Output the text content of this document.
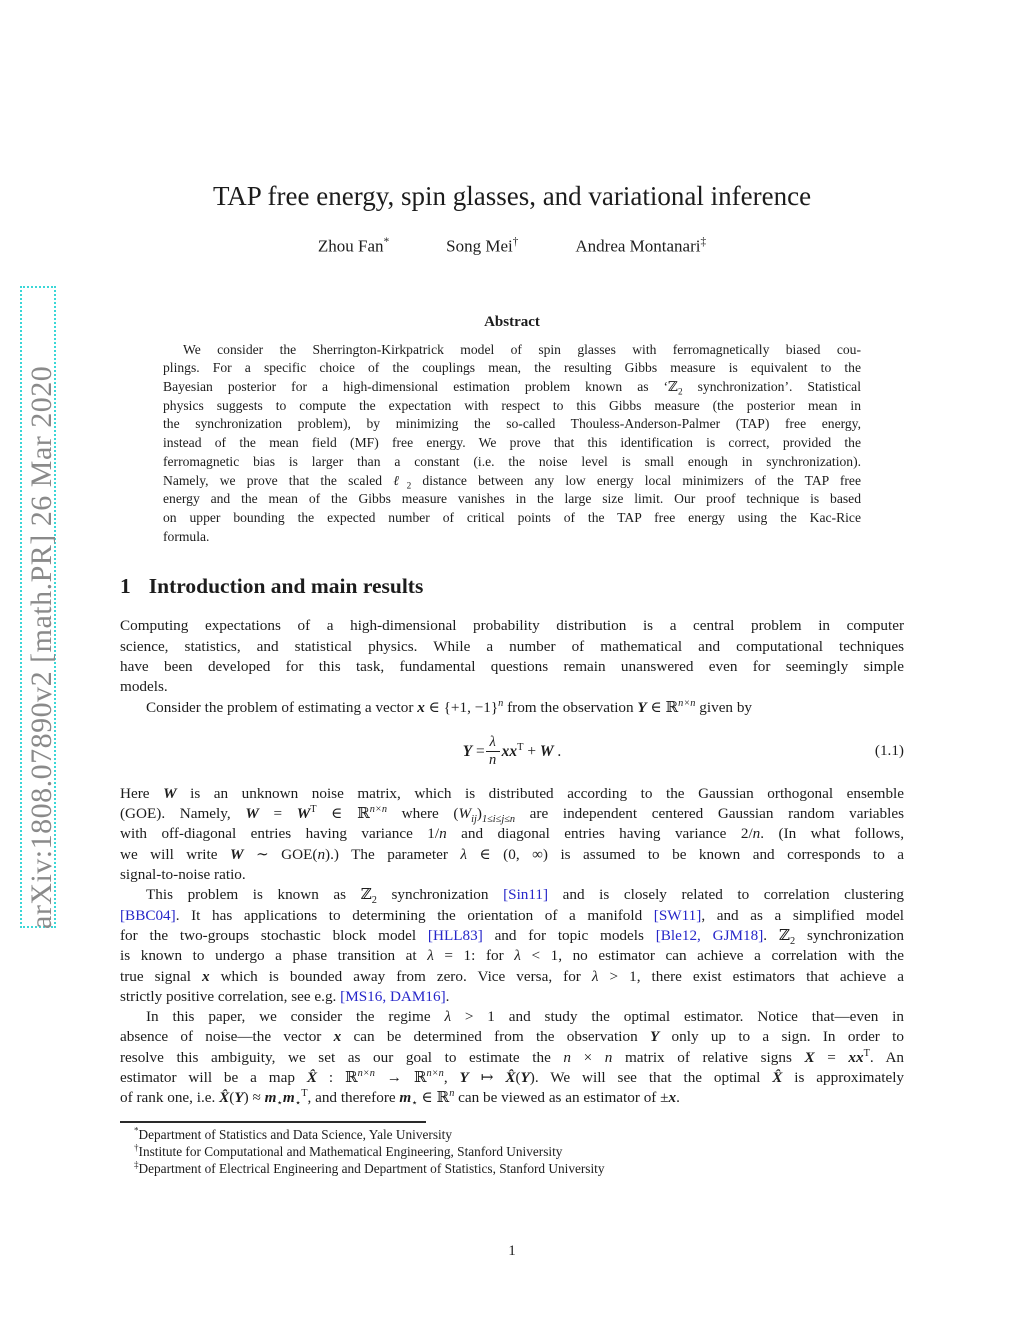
arXiv:1808.07890v2 [math.PR] 26 Mar 2020
TAP free energy, spin glasses, and variational inference
Zhou Fan*	Song Mei†	Andrea Montanari‡
Abstract
We consider the Sherrington-Kirkpatrick model of spin glasses with ferromagnetically biased cou-
plings. For a specific choice of the couplings mean, the resulting Gibbs measure is equivalent to the
Bayesian posterior for a high-dimensional estimation problem known as ‘ℤ$_2$ synchronization’. Statistical
physics suggests to compute the expectation with respect to this Gibbs measure (the posterior mean in
the synchronization problem), by minimizing the so-called Thouless-Anderson-Palmer (TAP) free energy,
instead of the mean field (MF) free energy. We prove that this identification is correct, provided the
ferromagnetic bias is larger than a constant (i.e. the noise level is small enough in synchronization).
Namely, we prove that the scaled ℓ$_2$ distance between any low energy local minimizers of the TAP free
energy and the mean of the Gibbs measure vanishes in the large size limit. Our proof technique is based
on upper bounding the expected number of critical points of the TAP free energy using the Kac-Rice
formula.
1 Introduction and main results
Computing expectations of a high-dimensional probability distribution is a central problem in computer
science, statistics, and statistical physics. While a number of mathematical and computational techniques
have been developed for this task, fundamental questions remain unanswered even for seemingly simple
models.
Consider the problem of estimating a vector x ∈ {+1, −1}$^n$ from the observation Y ∈ ℝ$^{n\times n}$ given by
$Y = \frac{\lambda}{n} xx^T + W$ .	(1.1)
Here W is an unknown noise matrix, which is distributed according to the Gaussian orthogonal ensemble
(GOE). Namely, $W = W^T$ ∈ ℝ$^{n\times n}$ where $(W_{ij})_{1\le i\le j\le n}$ are independent centered Gaussian random variables
with off-diagonal entries having variance 1/n and diagonal entries having variance 2/n. (In what follows,
we will write W ∼ GOE(n).) The parameter λ ∈ (0, ∞) is assumed to be known and corresponds to a
signal-to-noise ratio.
This problem is known as ℤ$_2$ synchronization [Sin11] and is closely related to correlation clustering
[BBC04]. It has applications to determining the orientation of a manifold [SW11], and as a simplified model
for the two-groups stochastic block model [HLL83] and for topic models [Ble12, GJM18]. ℤ$_2$ synchronization
is known to undergo a phase transition at λ = 1: for λ < 1, no estimator can achieve a correlation with the
true signal x which is bounded away from zero. Vice versa, for λ > 1, there exist estimators that achieve a
strictly positive correlation, see e.g. [MS16, DAM16].
In this paper, we consider the regime λ > 1 and study the optimal estimator. Notice that—even in
absence of noise—the vector x can be determined from the observation Y only up to a sign. In order to
resolve this ambiguity, we set as our goal to estimate the n × n matrix of relative signs $X = xx^T$. An
estimator will be a map X̂ : ℝ$^{n\times n}$ → ℝ$^{n\times n}$, Y ↦ X̂(Y). We will see that the optimal X̂ is approximately
of rank one, i.e. X̂(Y) ≈ $m_⋆m_⋆^T$, and therefore $m_⋆$ ∈ ℝ$^n$ can be viewed as an estimator of ±x.
*Department of Statistics and Data Science, Yale University
†Institute for Computational and Mathematical Engineering, Stanford University
‡Department of Electrical Engineering and Department of Statistics, Stanford University
1
